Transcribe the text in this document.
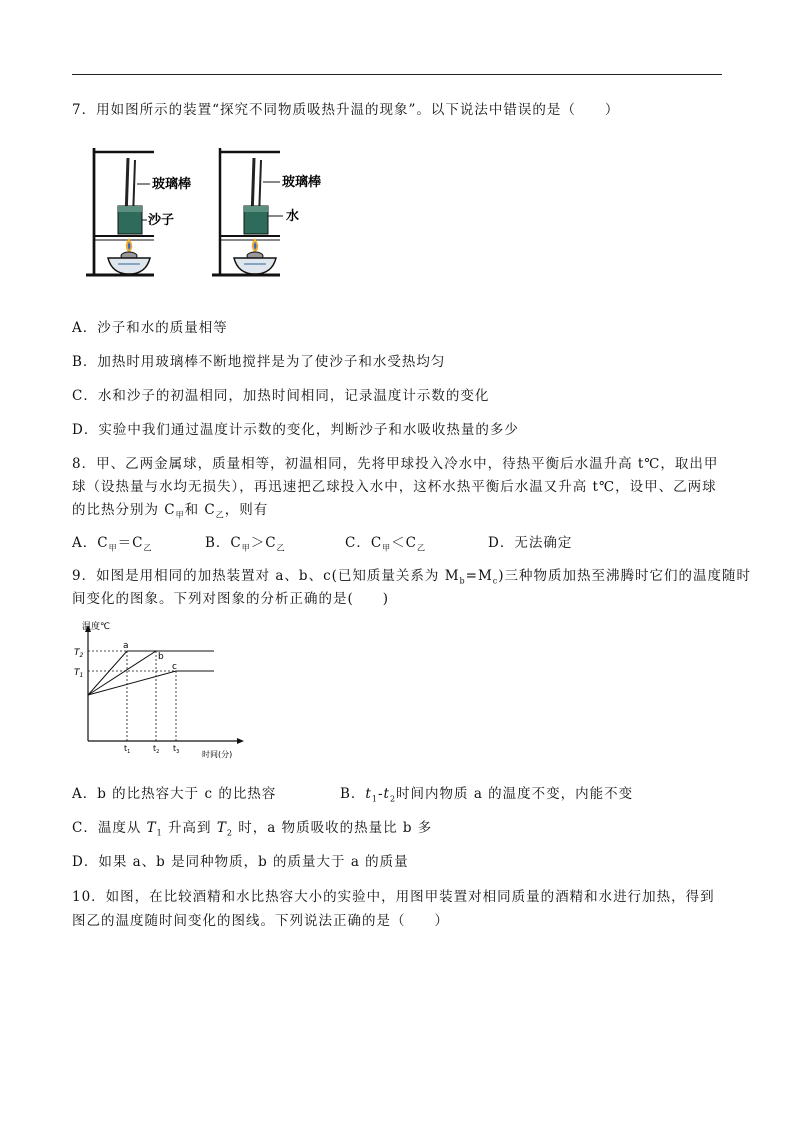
7．用如图所示的装置“探究不同物质吸热升温的现象”。以下说法中错误的是（　　）
玻璃棒
沙子
玻璃棒
水
A．沙子和水的质量相等
B．加热时用玻璃棒不断地搅拌是为了使沙子和水受热均匀
C．水和沙子的初温相同，加热时间相同，记录温度计示数的变化
D．实验中我们通过温度计示数的变化，判断沙子和水吸收热量的多少
8．甲、乙两金属球，质量相等，初温相同，先将甲球投入冷水中，待热平衡后水温升高 t℃，取出甲
球（设热量与水均无损失），再迅速把乙球投入水中，这杯水热平衡后水温又升高 t℃，设甲、乙两球
的比热分别为 $C_甲$和 $C_乙$，则有
A．$C_甲=C_乙$	B．$C_甲>C_乙$	C．$C_甲<C_乙$	D．无法确定
9．如图是用相同的加热装置对 a、b、c(已知质量关系为 $M_b=M_c$)三种物质加热至沸腾时它们的温度随时
间变化的图象。下列对图象的分析正确的是(　　)
温度℃
时间(分)
a
b
c
$T_2$
$T_1$
$t_1$	$t_2$ $t_3$
A．b 的比热容大于 c 的比热容	B．$t_1-t_2$时间内物质 a 的温度不变，内能不变
C．温度从 $T_1$ 升高到 $T_2$ 时，a 物质吸收的热量比 b 多
D．如果 a、b 是同种物质，b 的质量大于 a 的质量
10．如图，在比较酒精和水比热容大小的实验中，用图甲装置对相同质量的酒精和水进行加热，得到
图乙的温度随时间变化的图线。下列说法正确的是（　　）
